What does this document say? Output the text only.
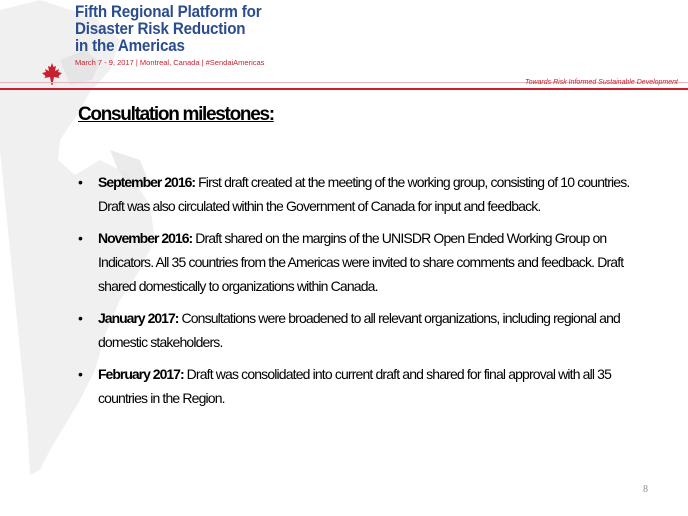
Fifth Regional Platform for
Disaster Risk Reduction
in the Americas
March 7 - 9, 2017 | Montreal, Canada | #SendaiAmericas
Towards Risk Informed Sustainable Development
Consultation milestones:
• September 2016: First draft created at the meeting of the working group, consisting of 10 countries. Draft was also circulated within the Government of Canada for input and feedback.
• November 2016: Draft shared on the margins of the UNISDR Open Ended Working Group on Indicators. All 35 countries from the Americas were invited to share comments and feedback. Draft shared domestically to organizations within Canada.
• January 2017: Consultations were broadened to all relevant organizations, including regional and domestic stakeholders.
• February 2017: Draft was consolidated into current draft and shared for final approval with all 35 countries in the Region.
8
